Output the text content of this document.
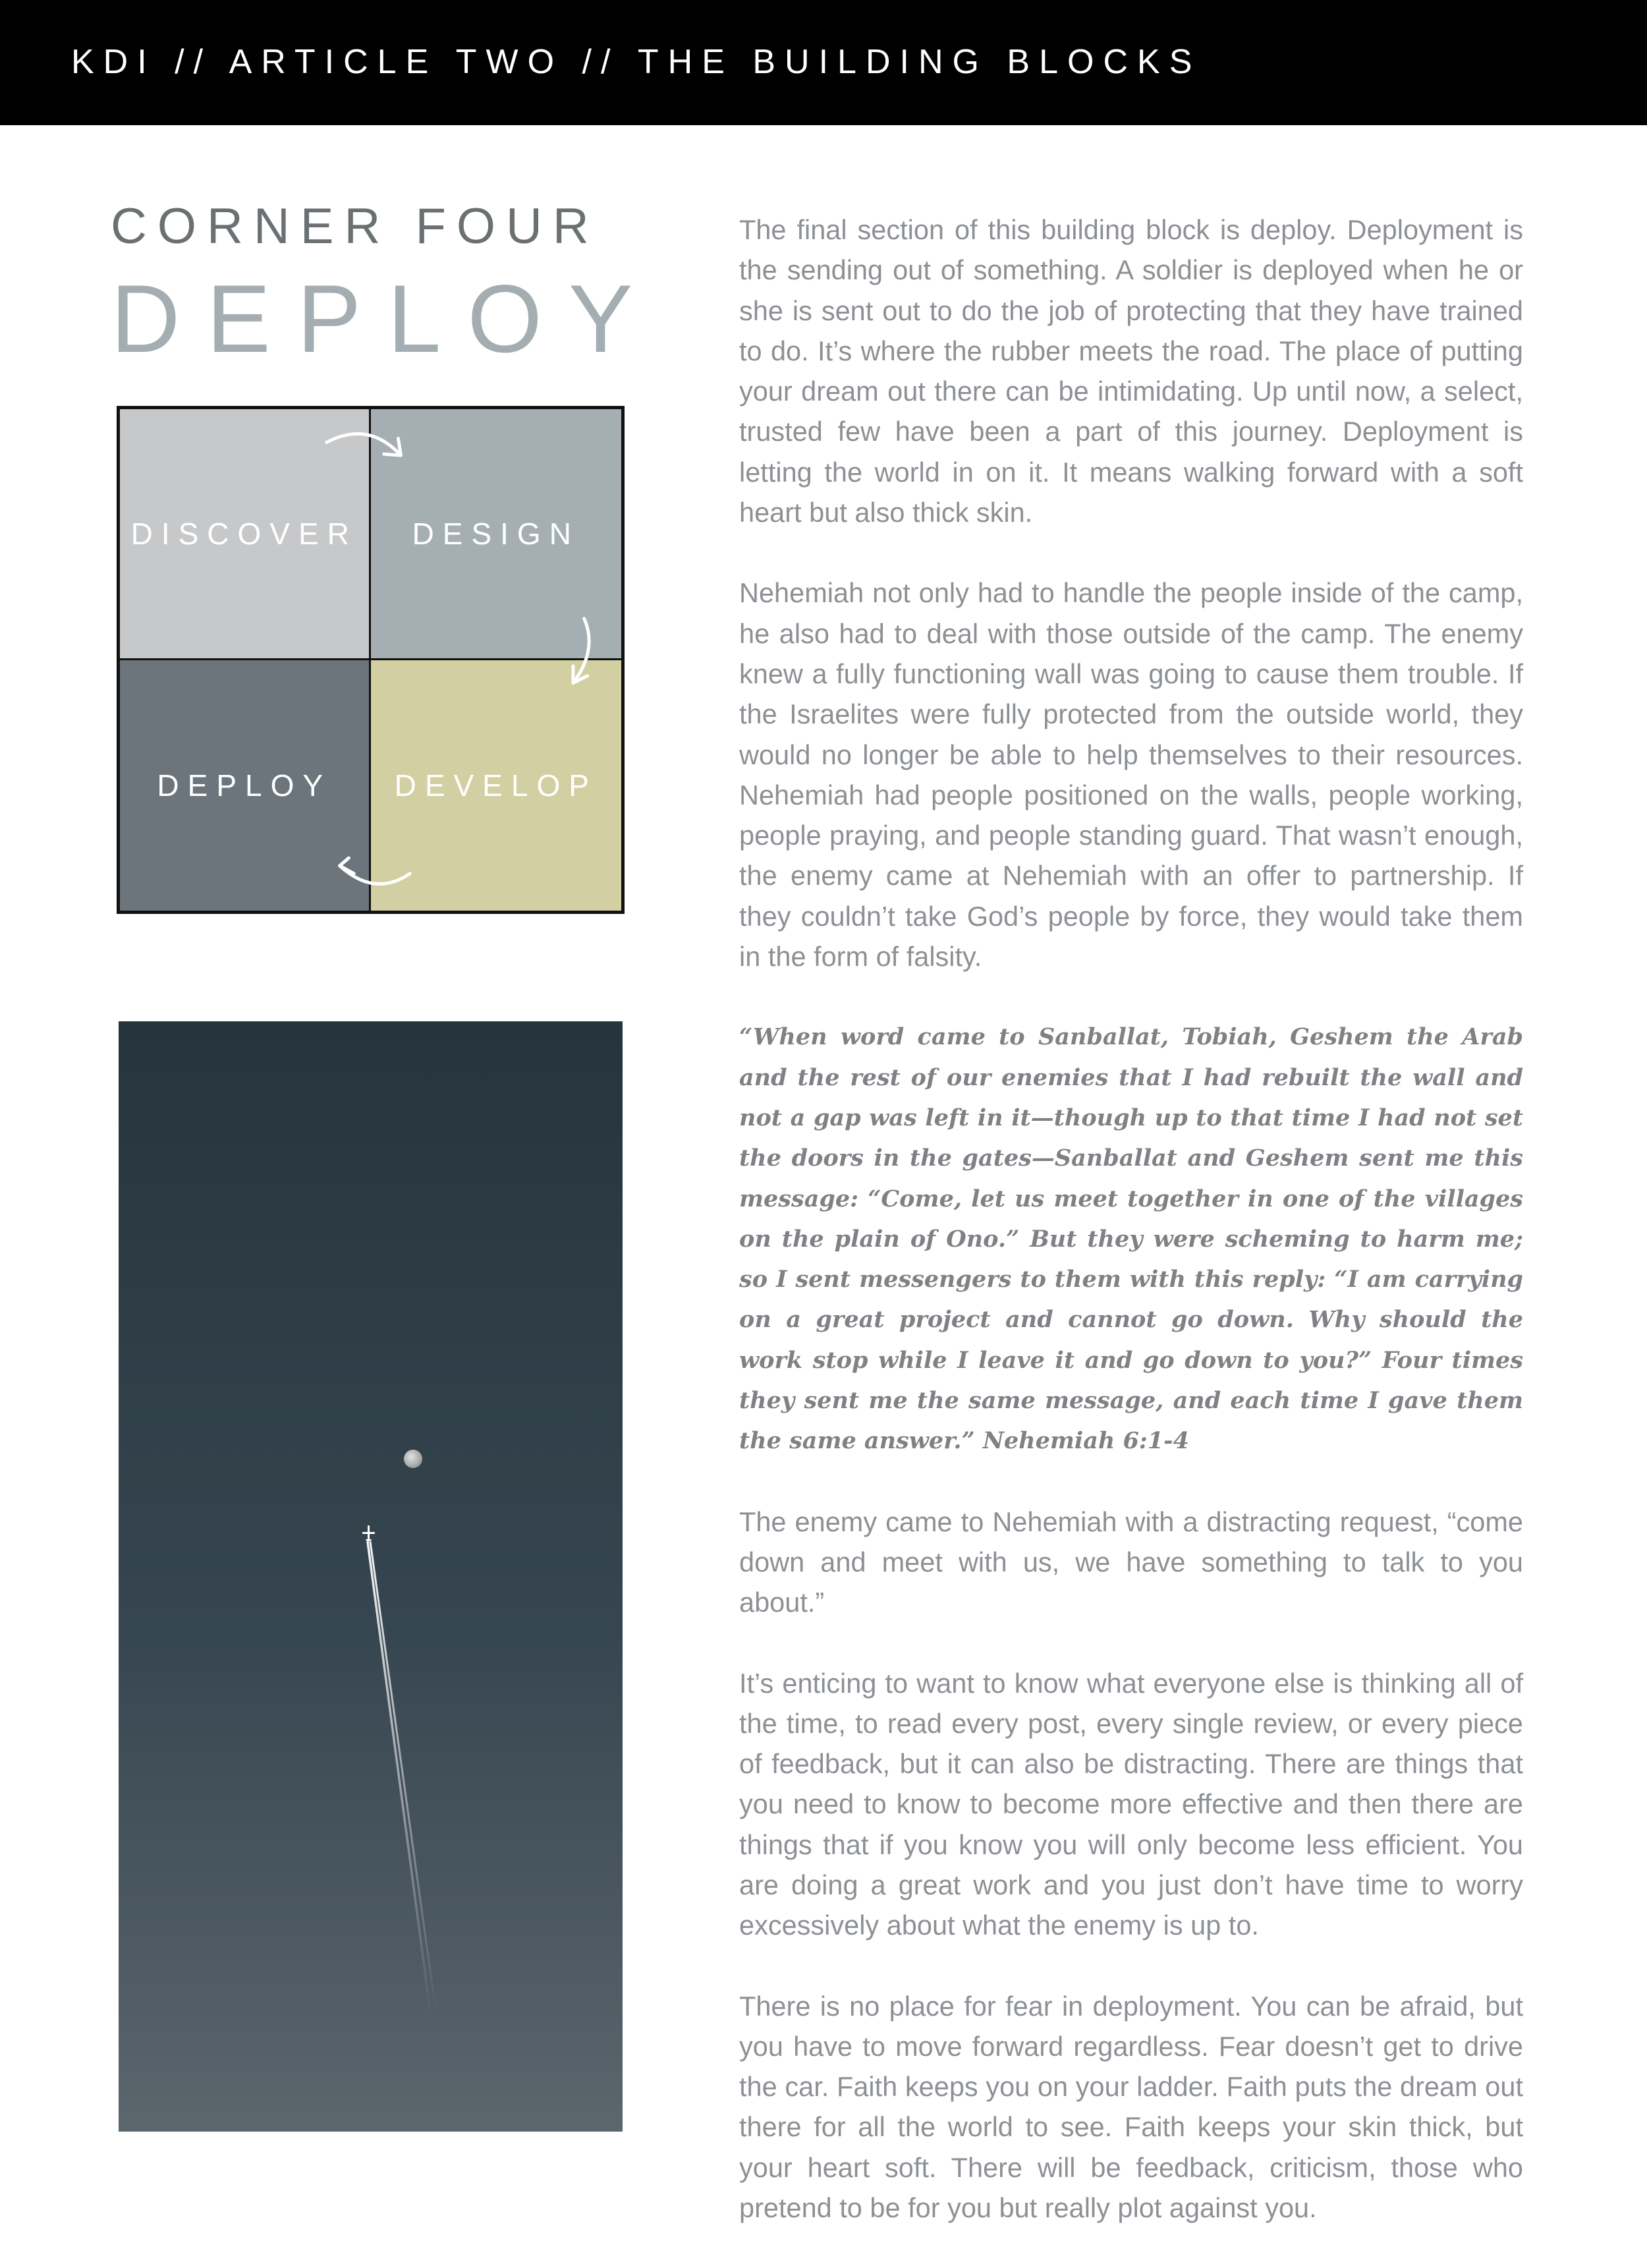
KDI // ARTICLE TWO // THE BUILDING BLOCKS
CORNER FOUR
DEPLOY
DISCOVER DESIGN
DEPLOY DEVELOP

The final section of this building block is deploy. Deployment is the sending out of something. A soldier is deployed when he or she is sent out to do the job of protecting that they have trained to do. It’s where the rubber meets the road. The place of putting your dream out there can be intimidating. Up until now, a select, trusted few have been a part of this journey. Deployment is letting the world in on it. It means walking forward with a soft heart but also thick skin.

Nehemiah not only had to handle the people inside of the camp, he also had to deal with those outside of the camp. The enemy knew a fully functioning wall was going to cause them trouble. If the Israelites were fully protected from the outside world, they would no longer be able to help themselves to their resources. Nehemiah had people positioned on the walls, people working, people praying, and people standing guard. That wasn’t enough, the enemy came at Nehemiah with an offer to partnership. If they couldn’t take God’s people by force, they would take them in the form of falsity.

“When word came to Sanballat, Tobiah, Geshem the Arab and the rest of our enemies that I had rebuilt the wall and not a gap was left in it—though up to that time I had not set the doors in the gates—Sanballat and Geshem sent me this message: “Come, let us meet together in one of the villages on the plain of Ono.” But they were scheming to harm me; so I sent messengers to them with this reply: “I am carrying on a great project and cannot go down. Why should the work stop while I leave it and go down to you?” Four times they sent me the same message, and each time I gave them the same answer.” Nehemiah 6:1-4

The enemy came to Nehemiah with a distracting request, “come down and meet with us, we have something to talk to you about.”

It’s enticing to want to know what everyone else is thinking all of the time, to read every post, every single review, or every piece of feedback, but it can also be distracting. There are things that you need to know to become more effective and then there are things that if you know you will only become less efficient. You are doing a great work and you just don’t have time to worry excessively about what the enemy is up to.

There is no place for fear in deployment. You can be afraid, but you have to move forward regardless. Fear doesn’t get to drive the car. Faith keeps you on your ladder. Faith puts the dream out there for all the world to see. Faith keeps your skin thick, but your heart soft. There will be feedback, criticism, those who pretend to be for you but really plot against you.
